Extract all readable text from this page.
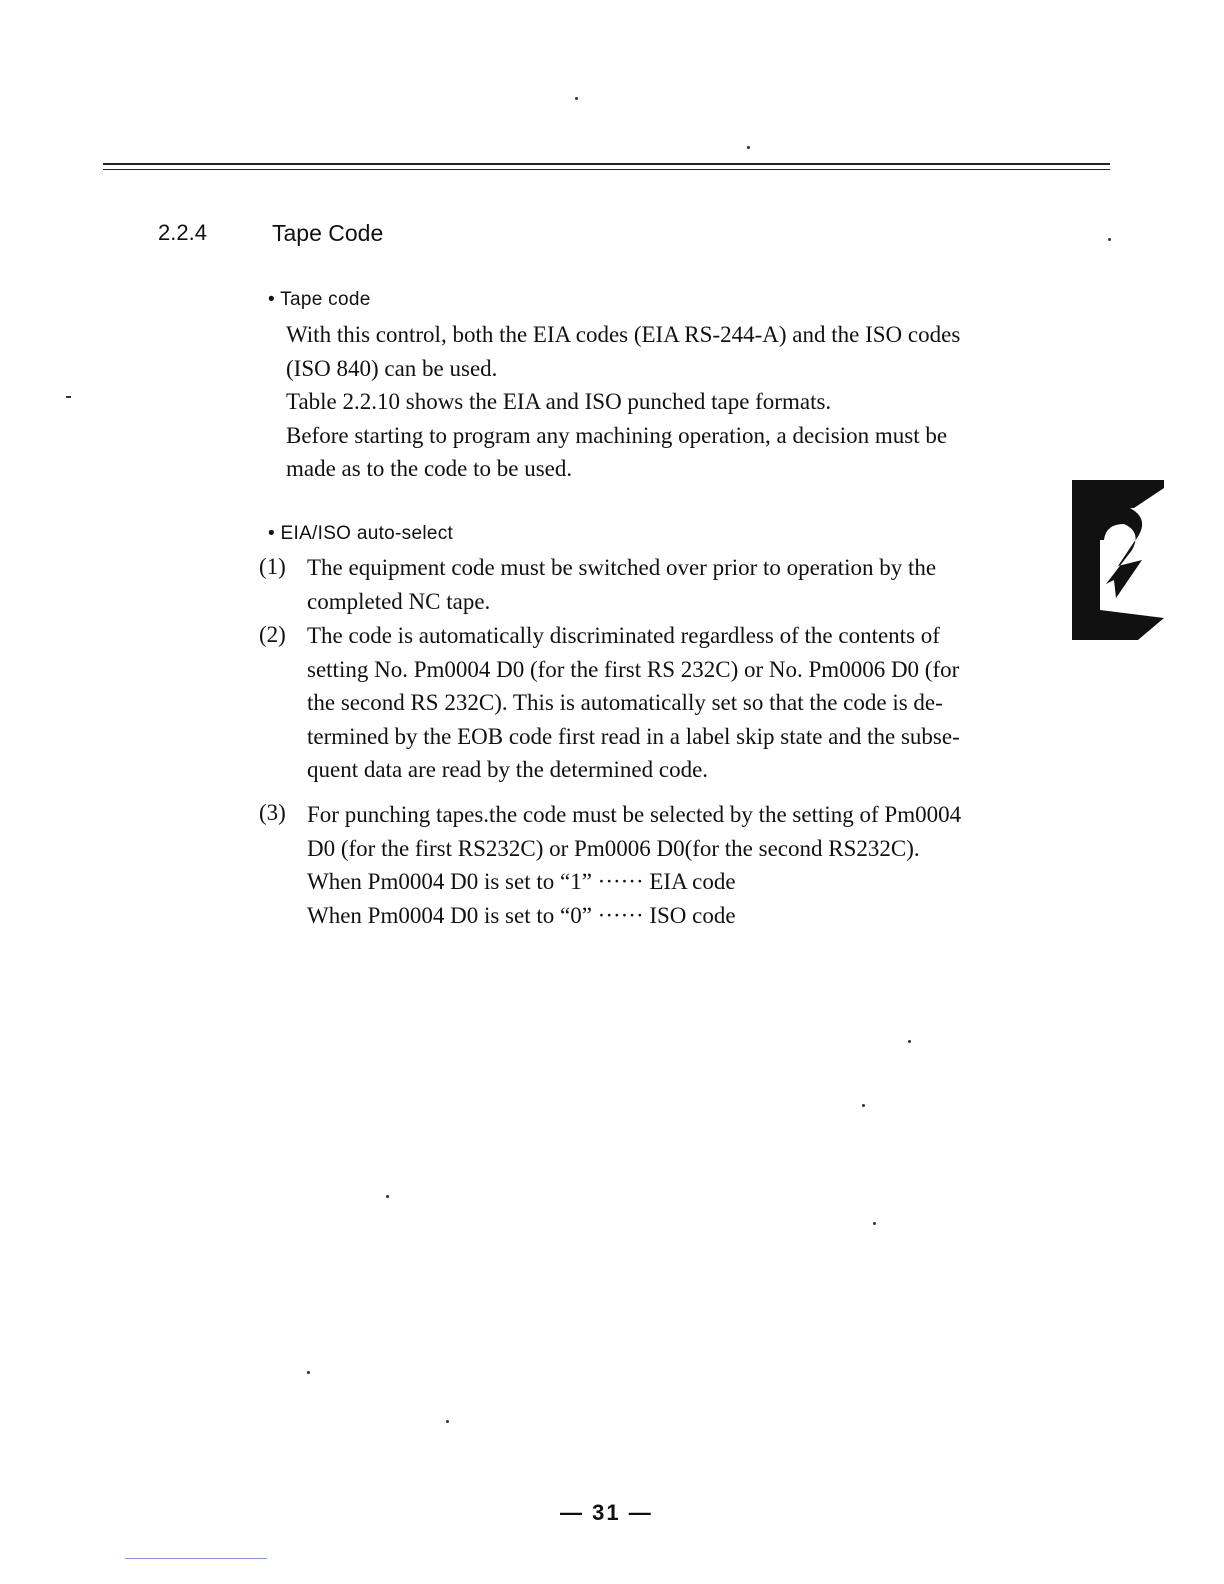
2.2.4	Tape Code
• Tape code
With this control, both the EIA codes (EIA RS-244-A) and the ISO codes
(ISO 840) can be used.
Table 2.2.10 shows the EIA and ISO punched tape formats.
Before starting to program any machining operation, a decision must be
made as to the code to be used.
• EIA/ISO auto-select
(1) The equipment code must be switched over prior to operation by the
completed NC tape.
(2) The code is automatically discriminated regardless of the contents of
setting No. Pm0004 D0 (for the first RS 232C) or No. Pm0006 D0 (for
the second RS 232C). This is automatically set so that the code is de-
termined by the EOB code first read in a label skip state and the subse-
quent data are read by the determined code.
(3) For punching tapes.the code must be selected by the setting of Pm0004
D0 (for the first RS232C) or Pm0006 D0(for the second RS232C).
When Pm0004 D0 is set to “1” ······ EIA code
When Pm0004 D0 is set to “0” ······ ISO code
— 31 —
